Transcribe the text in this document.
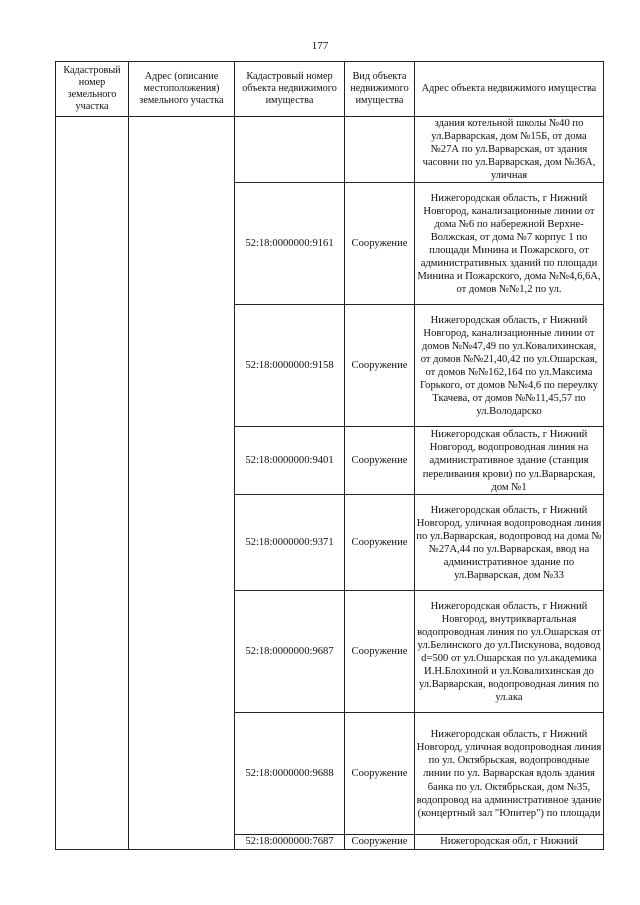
177
Кадастровый номер земельного участка	Адрес (описание местоположения) земельного участка	Кадастровый номер объекта недвижимого имущества	Вид объекта недвижимого имущества	Адрес объекта недвижимого имущества
				здания котельной школы №40 по ул.Варварская, дом №15Б, от дома №27А по ул.Варварская, от здания часовни по ул.Варварская, дом №36А, уличная
		52:18:0000000:9161	Сооружение	Нижегородская область, г Нижний Новгород, канализационные линии от дома №6 по набережной Верхне-Волжская, от дома №7 корпус 1 по площади Минина и Пожарского, от административных зданий по площади Минина и Пожарского, дома №№4,6,6А, от домов №№1,2 по ул.
		52:18:0000000:9158	Сооружение	Нижегородская область, г Нижний Новгород, канализационные линии от домов №№47,49 по ул.Ковалихинская, от домов №№21,40,42 по ул.Ошарская, от домов №№162,164 по ул.Максима Горького, от домов №№4,6 по переулку Ткачева, от домов №№11,45,57 по ул.Володарско
		52:18:0000000:9401	Сооружение	Нижегородская область, г Нижний Новгород, водопроводная линия на административное здание (станция переливания крови) по ул.Варварская, дом №1
		52:18:0000000:9371	Сооружение	Нижегородская область, г Нижний Новгород, уличная водопроводная линия по ул.Варварская, водопровод на дома №№27А,44 по ул.Варварская, ввод на административное здание по ул.Варварская, дом №33
		52:18:0000000:9687	Сооружение	Нижегородская область, г Нижний Новгород, внутриквартальная водопроводная линия по ул.Ошарская от ул.Белинского до ул.Пискунова, водовод d=500 от ул.Ошарская по ул.академика И.Н.Блохиной и ул.Ковалихинская до ул.Варварская, водопроводная линия по ул.ака
		52:18:0000000:9688	Сооружение	Нижегородская область, г Нижний Новгород, уличная водопроводная линия по ул. Октябрьская, водопроводные линии по ул. Варварская вдоль здания банка по ул. Октябрьская, дом №35, водопровод на административное здание (концертный зал "Юпитер") по площади
		52:18:0000000:7687	Сооружение	Нижегородская обл, г Нижний
